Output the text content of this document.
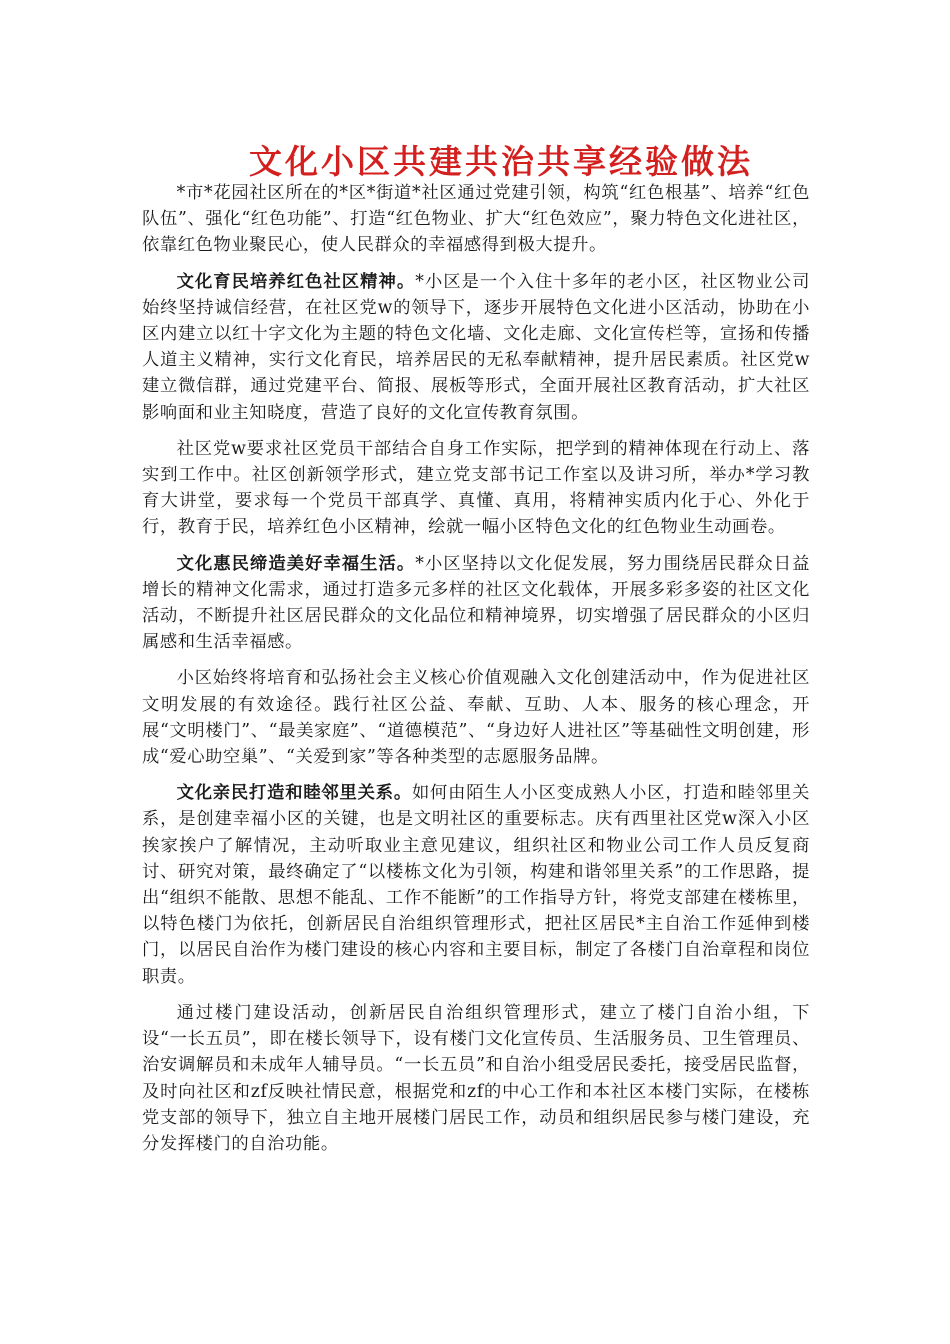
文化小区共建共治共享经验做法

*市*花园社区所在的*区*街道*社区通过党建引领，构筑“红色根基”、培养“红色队伍”、强化“红色功能”、打造“红色物业、扩大“红色效应”，聚力特色文化进社区，依靠红色物业聚民心，使人民群众的幸福感得到极大提升。

文化育民培养红色社区精神。*小区是一个入住十多年的老小区，社区物业公司始终坚持诚信经营，在社区党w的领导下，逐步开展特色文化进小区活动，协助在小区内建立以红十字文化为主题的特色文化墙、文化走廊、文化宣传栏等，宣扬和传播人道主义精神，实行文化育民，培养居民的无私奉献精神，提升居民素质。社区党w建立微信群，通过党建平台、简报、展板等形式，全面开展社区教育活动，扩大社区影响面和业主知晓度，营造了良好的文化宣传教育氛围。

社区党w要求社区党员干部结合自身工作实际，把学到的精神体现在行动上、落实到工作中。社区创新领学形式，建立党支部书记工作室以及讲习所，举办*学习教育大讲堂，要求每一个党员干部真学、真懂、真用，将精神实质内化于心、外化于行，教育于民，培养红色小区精神，绘就一幅小区特色文化的红色物业生动画卷。

文化惠民缔造美好幸福生活。*小区坚持以文化促发展，努力围绕居民群众日益增长的精神文化需求，通过打造多元多样的社区文化载体，开展多彩多姿的社区文化活动，不断提升社区居民群众的文化品位和精神境界，切实增强了居民群众的小区归属感和生活幸福感。

小区始终将培育和弘扬社会主义核心价值观融入文化创建活动中，作为促进社区文明发展的有效途径。践行社区公益、奉献、互助、人本、服务的核心理念，开展“文明楼门”、“最美家庭”、“道德模范”、“身边好人进社区”等基础性文明创建，形成“爱心助空巢”、“关爱到家”等各种类型的志愿服务品牌。

文化亲民打造和睦邻里关系。如何由陌生人小区变成熟人小区，打造和睦邻里关系，是创建幸福小区的关键，也是文明社区的重要标志。庆有西里社区党w深入小区挨家挨户了解情况，主动听取业主意见建议，组织社区和物业公司工作人员反复商讨、研究对策，最终确定了“以楼栋文化为引领，构建和谐邻里关系”的工作思路，提出“组织不能散、思想不能乱、工作不能断”的工作指导方针，将党支部建在楼栋里，以特色楼门为依托，创新居民自治组织管理形式，把社区居民*主自治工作延伸到楼门，以居民自治作为楼门建设的核心内容和主要目标，制定了各楼门自治章程和岗位职责。

通过楼门建设活动，创新居民自治组织管理形式，建立了楼门自治小组，下设“一长五员”，即在楼长领导下，设有楼门文化宣传员、生活服务员、卫生管理员、治安调解员和未成年人辅导员。“一长五员”和自治小组受居民委托，接受居民监督，及时向社区和zf反映社情民意，根据党和zf的中心工作和本社区本楼门实际，在楼栋党支部的领导下，独立自主地开展楼门居民工作，动员和组织居民参与楼门建设，充分发挥楼门的自治功能。
